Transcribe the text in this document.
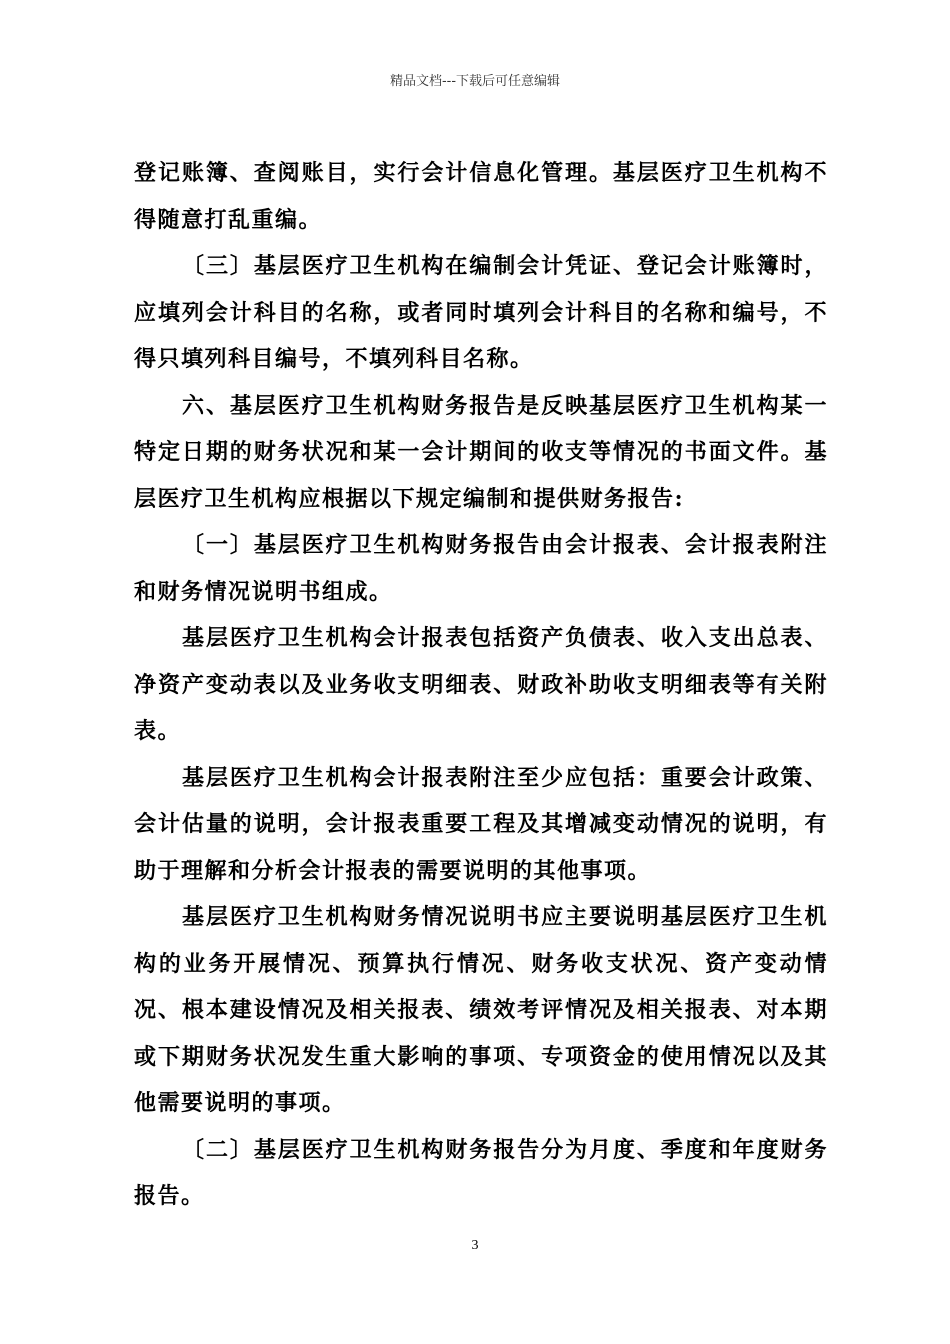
精品文档---下载后可任意编辑

登记账簿、查阅账目，实行会计信息化管理。基层医疗卫生机构不得随意打乱重编。

〔三〕基层医疗卫生机构在编制会计凭证、登记会计账簿时，应填列会计科目的名称，或者同时填列会计科目的名称和编号，不得只填列科目编号，不填列科目名称。

六、基层医疗卫生机构财务报告是反映基层医疗卫生机构某一特定日期的财务状况和某一会计期间的收支等情况的书面文件。基层医疗卫生机构应根据以下规定编制和提供财务报告:

〔一〕基层医疗卫生机构财务报告由会计报表、会计报表附注和财务情况说明书组成。

基层医疗卫生机构会计报表包括资产负债表、收入支出总表、净资产变动表以及业务收支明细表、财政补助收支明细表等有关附表。

基层医疗卫生机构会计报表附注至少应包括：重要会计政策、会计估量的说明，会计报表重要工程及其增减变动情况的说明，有助于理解和分析会计报表的需要说明的其他事项。

基层医疗卫生机构财务情况说明书应主要说明基层医疗卫生机构的业务开展情况、预算执行情况、财务收支状况、资产变动情况、根本建设情况及相关报表、绩效考评情况及相关报表、对本期或下期财务状况发生重大影响的事项、专项资金的使用情况以及其他需要说明的事项。

〔二〕基层医疗卫生机构财务报告分为月度、季度和年度财务报告。

3
